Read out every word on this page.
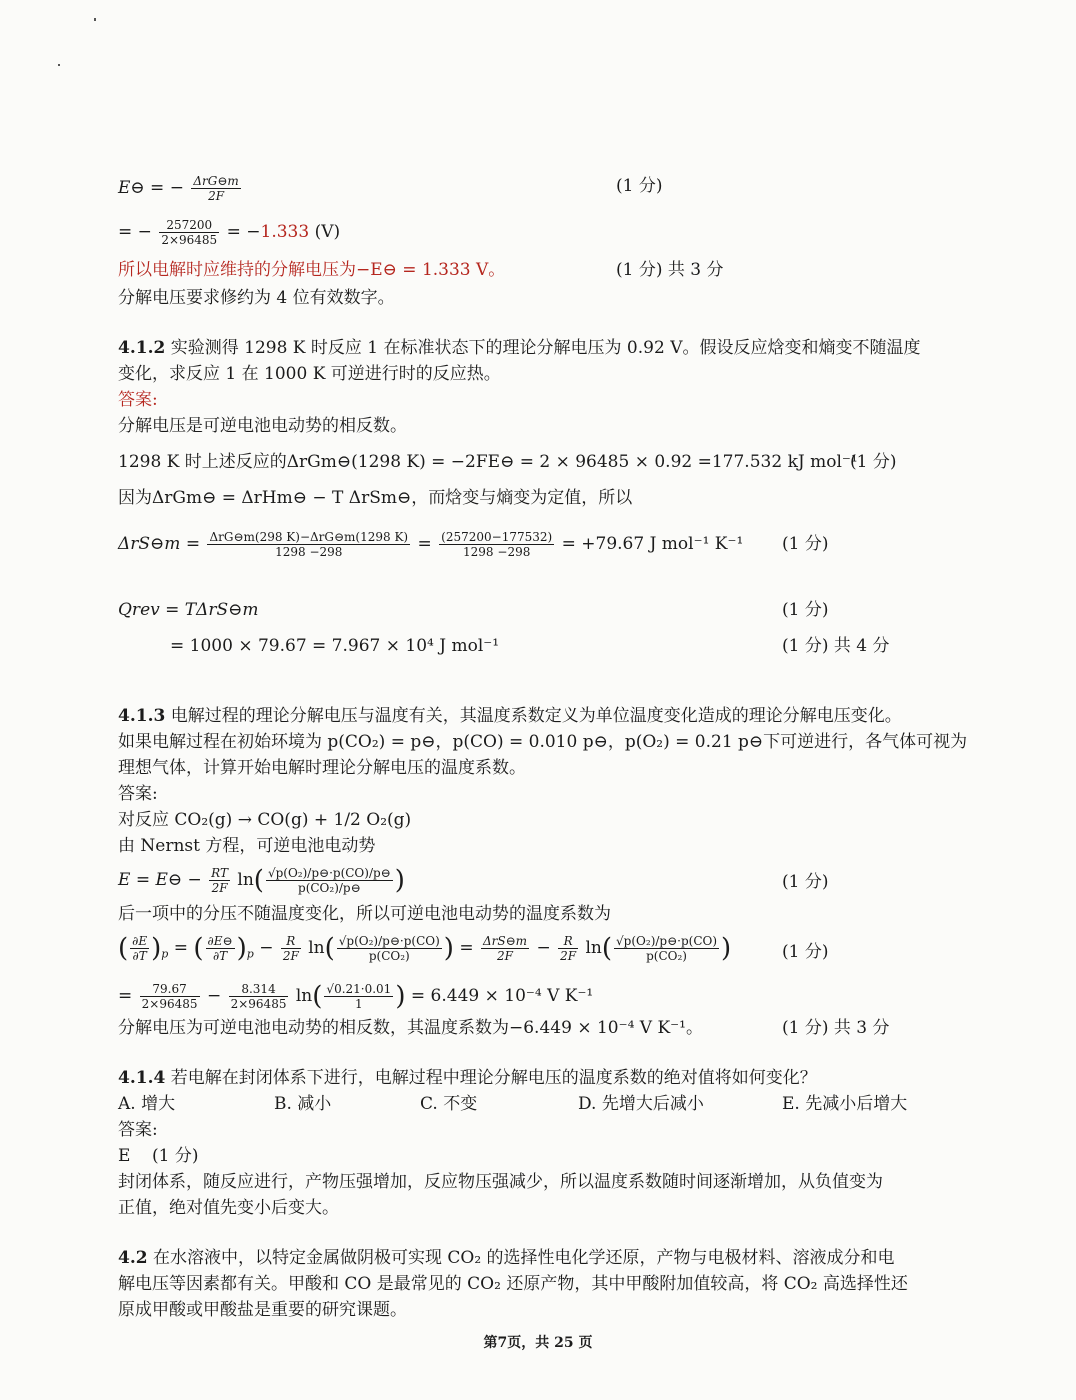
E⊖ = − $\frac{\text{ΔrG⊖m}}{2F}$	(1 分)
= − $\frac{257200}{2\times 96485} = -1.333$ (V)
所以电解时应维持的分解电压为−E⊖ = 1.333 V。	(1 分) 共 3 分
分解电压要求修约为 4 位有效数字。
4.1.2 实验测得 1298 K 时反应 1 在标准状态下的理论分解电压为 0.92 V。假设反应焓变和熵变不随温度
变化，求反应 1 在 1000 K 可逆进行时的反应热。
答案:
分解电压是可逆电池电动势的相反数。
1298 K 时上述反应的ΔrGm⊖(1298 K) = −2FE⊖ = 2 × 96485 × 0.92 =177.532 kJ mol⁻¹
(1 分)
因为ΔrGm⊖ = ΔrHm⊖ − T ΔrSm⊖，而焓变与熵变为定值，所以
ΔrS⊖m = $\frac{\text{ΔrG⊖m(298 K)−ΔrG⊖m(1298 K)}}{1298 -298} = \frac{(257200-177532)}{1298 -298} = +79.67$ J mol⁻¹ K⁻¹ (1 分)
Qrev = TΔrS⊖m	(1 分)
= 1000 × 79.67 = 7.967 × 10⁴ J mol⁻¹	(1 分) 共 4 分
4.1.3 电解过程的理论分解电压与温度有关，其温度系数定义为单位温度变化造成的理论分解电压变化。
如果电解过程在初始环境为 p(CO₂) = p⊖，p(CO) = 0.010 p⊖，p(O₂) = 0.21 p⊖下可逆进行，各气体可视为
理想气体，计算开始电解时理论分解电压的温度系数。
答案:
对反应 CO₂(g) → CO(g) + 1/2 O₂(g)
由 Nernst 方程，可逆电池电动势
E = E⊖ − $\frac{RT}{2F} \ln( \frac{\text{√p(O₂)/p⊖·p(CO)/p⊖}}{\text{p(CO₂)/p⊖}}$ )	(1 分)
后一项中的分压不随温度变化，所以可逆电池电动势的温度系数为
( $\frac{\partial E}{\partial T} )_p$ = ( $\frac{\partial E⊖}{\partial T} )_p - \frac{R}{2F} \ln( \frac{\text{√p(O₂)/p⊖·p(CO)}}{\text{p(CO₂)}}$ ) = $\frac{\text{ΔrS⊖m}}{2F} - \frac{R}{2F} \ln( \frac{\text{√p(O₂)/p⊖·p(CO)}}{\text{p(CO₂)}}$ )	(1 分)
= $\frac{79.67}{2\times 96485} - \frac{8.314}{2\times 96485} \ln( \frac{√0.21\cdot 0.01}{1}$ ) = 6.449 × 10⁻⁴ V K⁻¹
分解电压为可逆电池电动势的相反数，其温度系数为−6.449 × 10⁻⁴ V K⁻¹。	(1 分) 共 3 分
4.1.4 若电解在封闭体系下进行，电解过程中理论分解电压的温度系数的绝对值将如何变化？
A. 增大	B. 减小	C. 不变	D. 先增大后减小	E. 先减小后增大
答案:
E (1 分)
封闭体系，随反应进行，产物压强增加，反应物压强减少，所以温度系数随时间逐渐增加，从负值变为
正值，绝对值先变小后变大。
4.2 在水溶液中，以特定金属做阴极可实现 CO₂ 的选择性电化学还原，产物与电极材料、溶液成分和电
解电压等因素都有关。甲酸和 CO 是最常见的 CO₂ 还原产物，其中甲酸附加值较高，将 CO₂ 高选择性还
原成甲酸或甲酸盐是重要的研究课题。
第7页，共 25 页
